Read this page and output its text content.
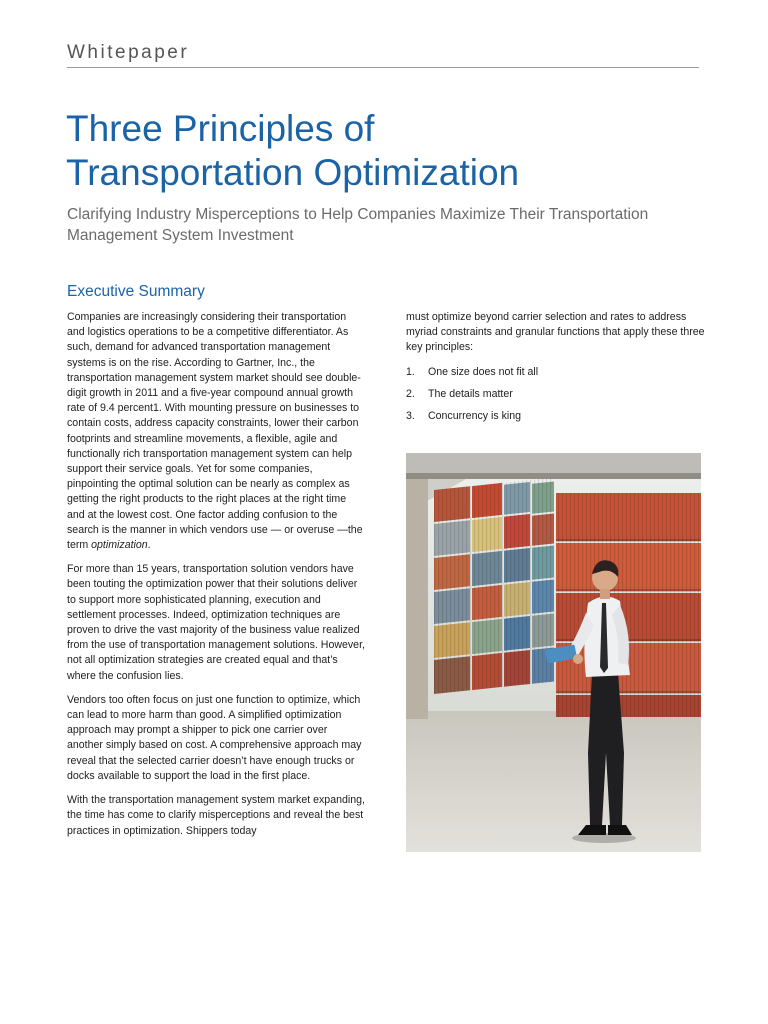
Whitepaper
Three Principles of
Transportation Optimization
Clarifying Industry Misperceptions to Help Companies Maximize Their Transportation
Management System Investment
Executive Summary

Companies are increasingly considering their transportation and logistics operations to be a competitive differentiator. As such, demand for advanced transportation management systems is on the rise. According to Gartner, Inc., the transportation management system market should see double-digit growth in 2011 and a five-year compound annual growth rate of 9.4 percent1. With mounting pressure on businesses to contain costs, address capacity constraints, lower their carbon footprints and streamline movements, a flexible, agile and functionally rich transportation management system can help support their service goals. Yet for some companies, pinpointing the optimal solution can be nearly as complex as getting the right products to the right places at the right time and at the lowest cost. One factor adding confusion to the search is the manner in which vendors use — or overuse —the term optimization.

For more than 15 years, transportation solution vendors have been touting the optimization power that their solutions deliver to support more sophisticated planning, execution and settlement processes. Indeed, optimization techniques are proven to drive the vast majority of the business value realized from the use of transportation management solutions. However, not all optimization strategies are created equal and that’s where the confusion lies.

Vendors too often focus on just one function to optimize, which can lead to more harm than good. A simplified optimization approach may prompt a shipper to pick one carrier over another simply based on cost. A comprehensive approach may reveal that the selected carrier doesn’t have enough trucks or docks available to support the load in the first place.

With the transportation management system market expanding, the time has come to clarify misperceptions and reveal the best practices in optimization. Shippers today

must optimize beyond carrier selection and rates to address myriad constraints and granular functions that apply these three key principles:

1.	One size does not fit all
2.	The details matter
3.	Concurrency is king
